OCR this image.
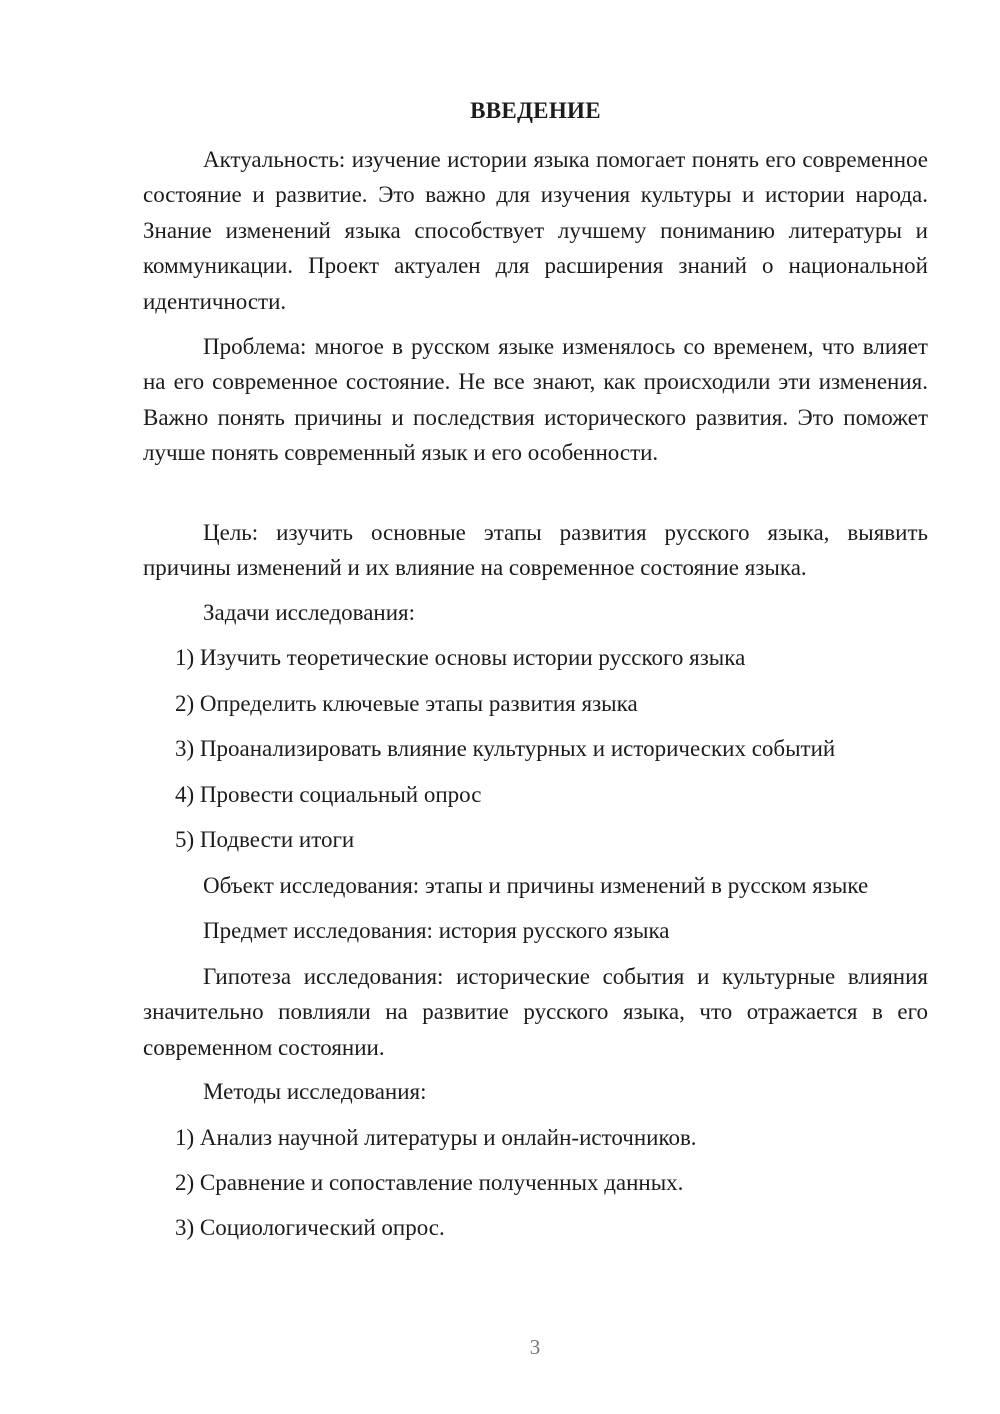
ВВЕДЕНИЕ

Актуальность: изучение истории языка помогает понять его современное состояние и развитие. Это важно для изучения культуры и истории народа. Знание изменений языка способствует лучшему пониманию литературы и коммуникации. Проект актуален для расширения знаний о национальной идентичности.

Проблема: многое в русском языке изменялось со временем, что влияет на его современное состояние. Не все знают, как происходили эти изменения. Важно понять причины и последствия исторического развития. Это поможет лучше понять современный язык и его особенности.

Цель: изучить основные этапы развития русского языка, выявить причины изменений и их влияние на современное состояние языка.

Задачи исследования:

1) Изучить теоретические основы истории русского языка

2) Определить ключевые этапы развития языка

3) Проанализировать влияние культурных и исторических событий

4) Провести социальный опрос

5) Подвести итоги

Объект исследования: этапы и причины изменений в русском языке

Предмет исследования: история русского языка

Гипотеза исследования: исторические события и культурные влияния значительно повлияли на развитие русского языка, что отражается в его современном состоянии.

Методы исследования:

1) Анализ научной литературы и онлайн-источников.

2) Сравнение и сопоставление полученных данных.

3) Социологический опрос.

3
